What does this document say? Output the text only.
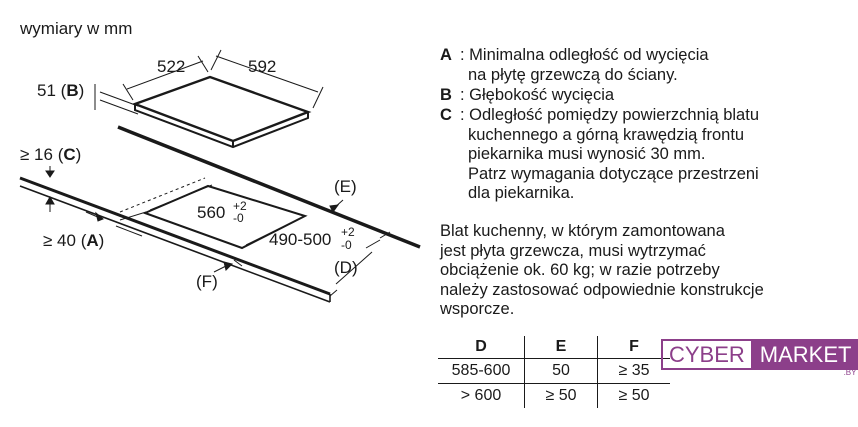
wymiary w mm
522	592
51 (B)
560 +2
-0
490-500 +2
-0
≥ 16 (C)
≥ 40 (A)
(E)
(D)
(F)
A : Minimalna odległość od wycięcia
na płytę grzewczą do ściany.
B : Głębokość wycięcia
C : Odległość pomiędzy powierzchnią blatu
kuchennego a górną krawędzią frontu
piekarnika musi wynosić 30 mm.
Patrz wymagania dotyczące przestrzeni
dla piekarnika.
Blat kuchenny, w którym zamontowana
jest płyta grzewcza, musi wytrzymać
obciążenie ok. 60 kg; w razie potrzeby
należy zastosować odpowiednie konstrukcje
wsporcze.
D	E	F
585-600	50	≥ 35
> 600	≥ 50	≥ 50
CYBER MARKET
.BY
